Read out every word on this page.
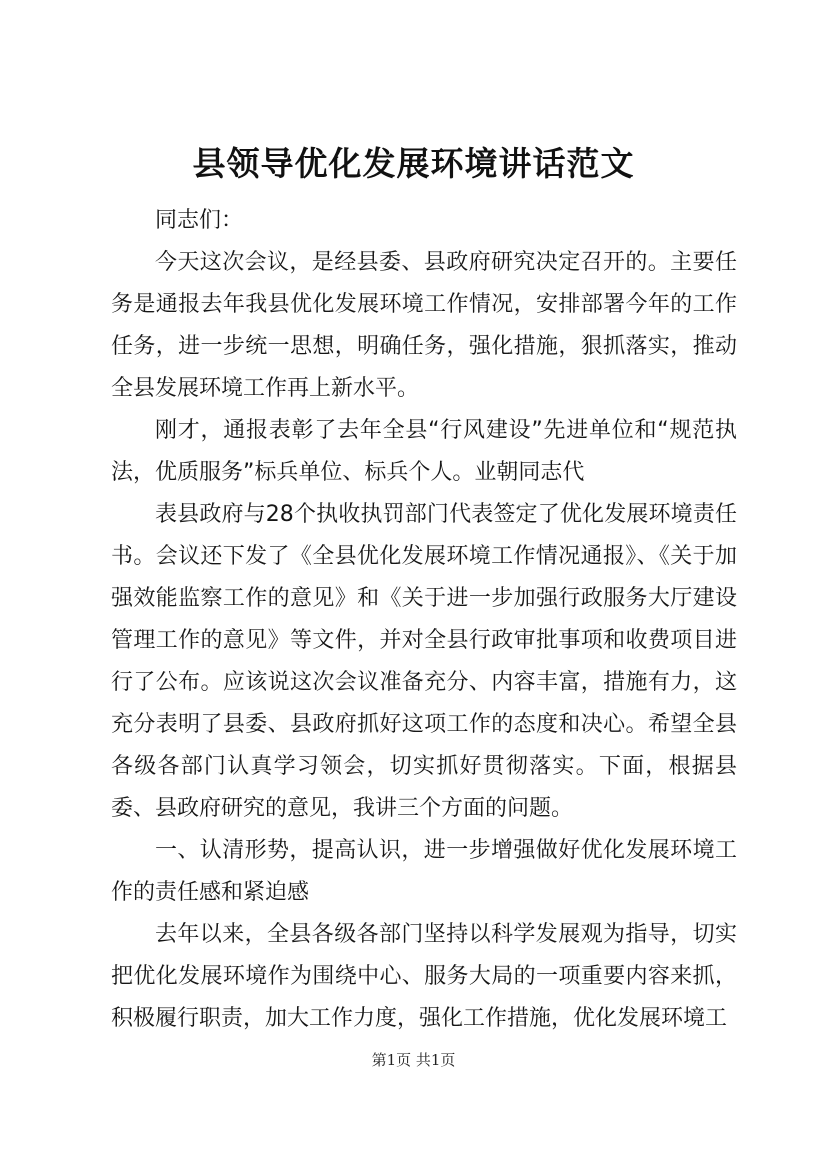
县领导优化发展环境讲话范文

同志们：

今天这次会议，是经县委、县政府研究决定召开的。主要任务是通报去年我县优化发展环境工作情况，安排部署今年的工作任务，进一步统一思想，明确任务，强化措施，狠抓落实，推动全县发展环境工作再上新水平。

刚才，通报表彰了去年全县“行风建设”先进单位和“规范执法，优质服务”标兵单位、标兵个人。业朝同志代

表县政府与28个执收执罚部门代表签定了优化发展环境责任书。会议还下发了《全县优化发展环境工作情况通报》、《关于加强效能监察工作的意见》和《关于进一步加强行政服务大厅建设管理工作的意见》等文件，并对全县行政审批事项和收费项目进行了公布。应该说这次会议准备充分、内容丰富，措施有力，这充分表明了县委、县政府抓好这项工作的态度和决心。希望全县各级各部门认真学习领会，切实抓好贯彻落实。下面，根据县委、县政府研究的意见，我讲三个方面的问题。

一、认清形势，提高认识，进一步增强做好优化发展环境工作的责任感和紧迫感

去年以来，全县各级各部门坚持以科学发展观为指导，切实把优化发展环境作为围绕中心、服务大局的一项重要内容来抓，积极履行职责，加大工作力度，强化工作措施，优化发展环境工

第1页 共1页
